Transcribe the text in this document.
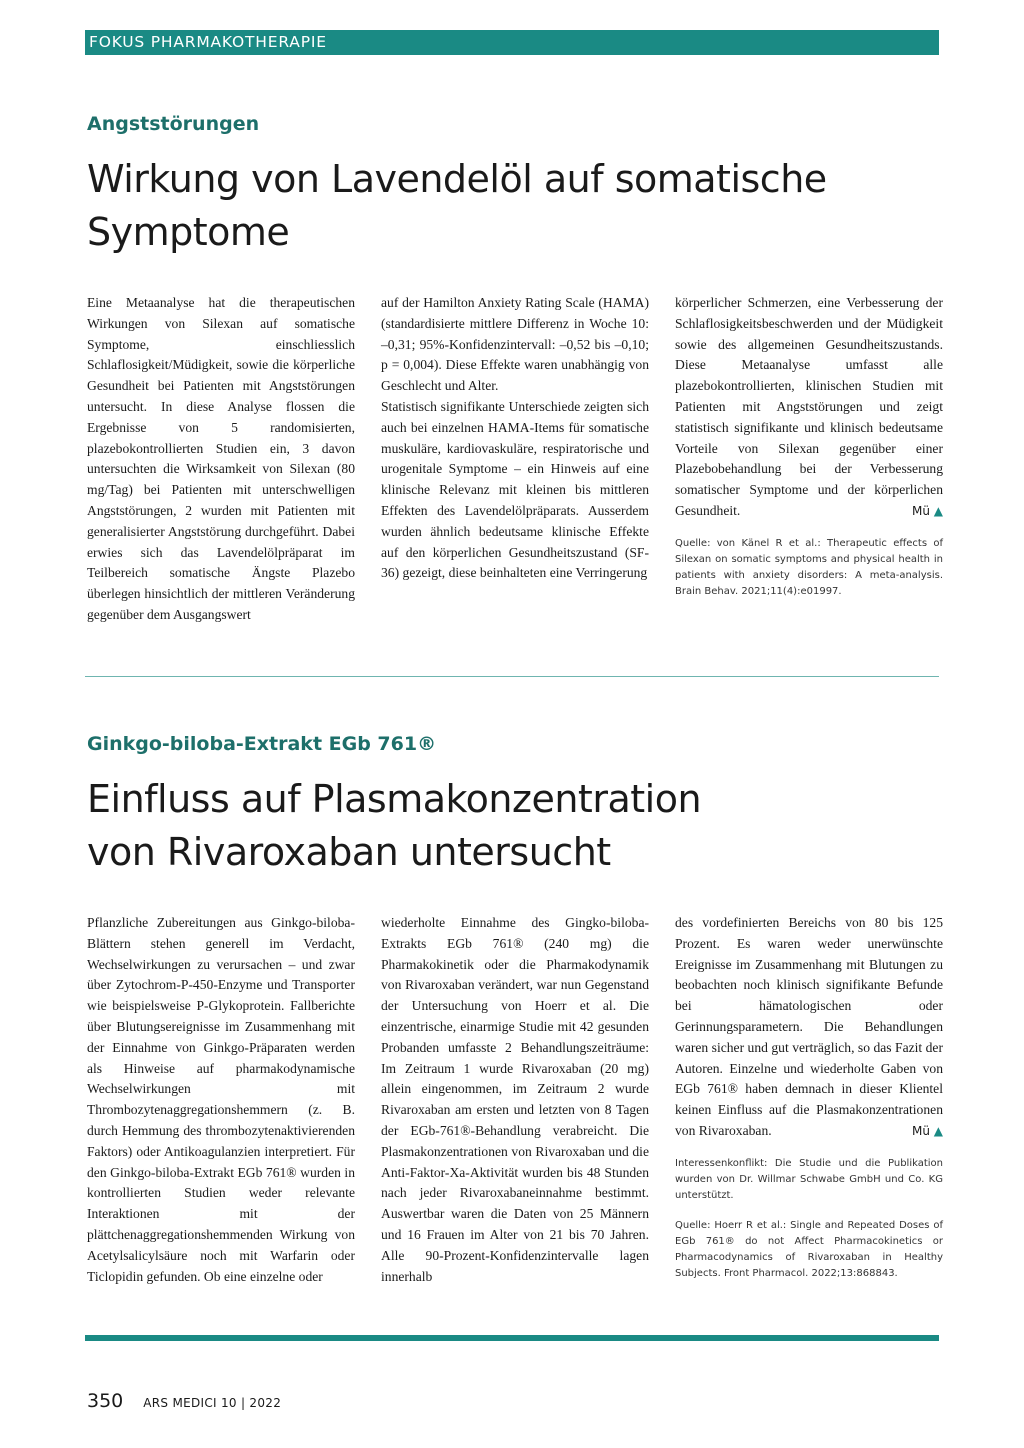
FOKUS PHARMAKOTHERAPIE
Angststörungen
Wirkung von Lavendelöl auf somatische Symptome

Eine Metaanalyse hat die therapeutischen Wirkungen von Silexan auf somatische Symptome, einschliesslich Schlaflosigkeit/Müdigkeit, sowie die körperliche Gesundheit bei Patienten mit Angststörungen untersucht. In diese Analyse flossen die Ergebnisse von 5 randomisierten, plazebokontrollierten Studien ein, 3 davon untersuchten die Wirksamkeit von Silexan (80 mg/Tag) bei Patienten mit unterschwelligen Angststörungen, 2 wurden mit Patienten mit generalisierter Angststörung durchgeführt. Dabei erwies sich das Lavendelölpräparat im Teilbereich somatische Ängste Plazebo überlegen hinsichtlich der mittleren Veränderung gegenüber dem Ausgangswert

auf der Hamilton Anxiety Rating Scale (HAMA) (standardisierte mittlere Differenz in Woche 10: –0,31; 95%-Konfidenzintervall: –0,52 bis –0,10; p = 0,004). Diese Effekte waren unabhängig von Geschlecht und Alter.

Statistisch signifikante Unterschiede zeigten sich auch bei einzelnen HAMA-Items für somatische muskuläre, kardiovaskuläre, respiratorische und urogenitale Symptome – ein Hinweis auf eine klinische Relevanz mit kleinen bis mittleren Effekten des Lavendelölpräparats. Ausserdem wurden ähnlich bedeutsame klinische Effekte auf den körperlichen Gesundheitszustand (SF-36) gezeigt, diese beinhalteten eine Verringerung

körperlicher Schmerzen, eine Verbesserung der Schlaflosigkeitsbeschwerden und der Müdigkeit sowie des allgemeinen Gesundheitszustands. Diese Metaanalyse umfasst alle plazebokontrollierten, klinischen Studien mit Patienten mit Angststörungen und zeigt statistisch signifikante und klinisch bedeutsame Vorteile von Silexan gegenüber einer Plazebobehandlung bei der Verbesserung somatischer Symptome und der körperlichen Gesundheit.	Mü ▲

Quelle: von Känel R et al.: Therapeutic effects of Silexan on somatic symptoms and physical health in patients with anxiety disorders: A meta-analysis. Brain Behav. 2021;11(4):e01997.
Ginkgo-biloba-Extrakt EGb 761®
Einfluss auf Plasmakonzentration von Rivaroxaban untersucht

Pflanzliche Zubereitungen aus Ginkgo-biloba-Blättern stehen generell im Verdacht, Wechselwirkungen zu verursachen – und zwar über Zytochrom-P-450-Enzyme und Transporter wie beispielsweise P-Glykoprotein. Fallberichte über Blutungsereignisse im Zusammenhang mit der Einnahme von Ginkgo-Präparaten werden als Hinweise auf pharmakodynamische Wechselwirkungen mit Thrombozytenaggregationshemmern (z. B. durch Hemmung des thrombozytenaktivierenden Faktors) oder Antikoagulanzien interpretiert. Für den Ginkgo-biloba-Extrakt EGb 761® wurden in kontrollierten Studien weder relevante Interaktionen mit der plättchenaggregationshemmenden Wirkung von Acetylsalicylsäure noch mit Warfarin oder Ticlopidin gefunden. Ob eine einzelne oder

wiederholte Einnahme des Gingko-biloba-Extrakts EGb 761® (240 mg) die Pharmakokinetik oder die Pharmakodynamik von Rivaroxaban verändert, war nun Gegenstand der Untersuchung von Hoerr et al. Die einzentrische, einarmige Studie mit 42 gesunden Probanden umfasste 2 Behandlungszeiträume: Im Zeitraum 1 wurde Rivaroxaban (20 mg) allein eingenommen, im Zeitraum 2 wurde Rivaroxaban am ersten und letzten von 8 Tagen der EGb-761®-Behandlung verabreicht. Die Plasmakonzentrationen von Rivaroxaban und die Anti-Faktor-Xa-Aktivität wurden bis 48 Stunden nach jeder Rivaroxabaneinnahme bestimmt. Auswertbar waren die Daten von 25 Männern und 16 Frauen im Alter von 21 bis 70 Jahren. Alle 90-Prozent-Konfidenzintervalle lagen innerhalb

des vordefinierten Bereichs von 80 bis 125 Prozent. Es waren weder unerwünschte Ereignisse im Zusammenhang mit Blutungen zu beobachten noch klinisch signifikante Befunde bei hämatologischen oder Gerinnungsparametern. Die Behandlungen waren sicher und gut verträglich, so das Fazit der Autoren. Einzelne und wiederholte Gaben von EGb 761® haben demnach in dieser Klientel keinen Einfluss auf die Plasmakonzentrationen von Rivaroxaban.	Mü ▲

Interessenkonflikt: Die Studie und die Publikation wurden von Dr. Willmar Schwabe GmbH und Co. KG unterstützt.
Quelle: Hoerr R et al.: Single and Repeated Doses of EGb 761® do not Affect Pharmacokinetics or Pharmacodynamics of Rivaroxaban in Healthy Subjects. Front Pharmacol. 2022;13:868843.
350 ARS MEDICI 10 | 2022
